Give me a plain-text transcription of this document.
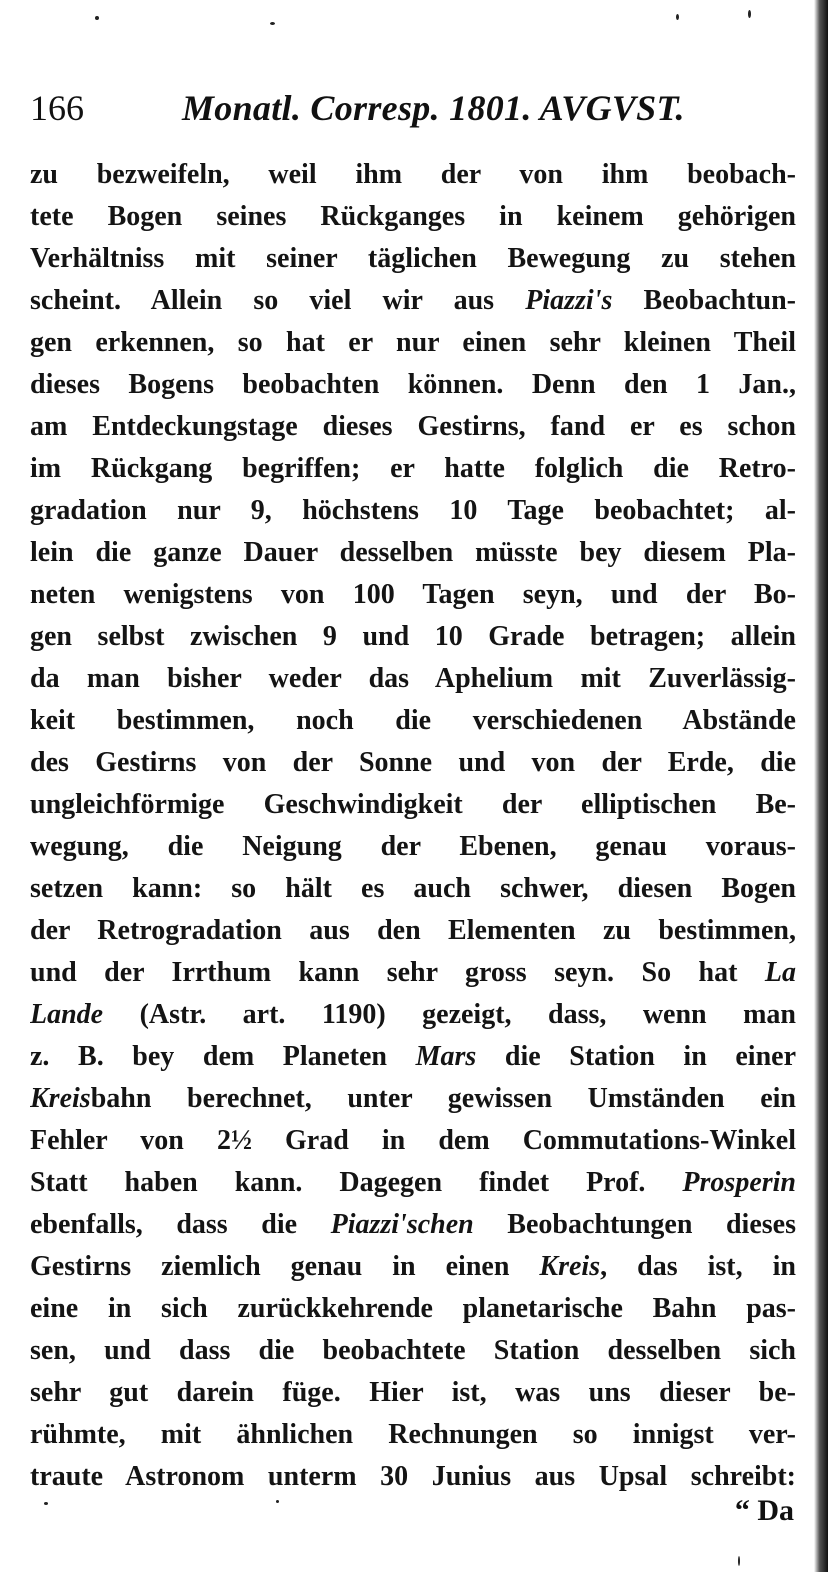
166	Monatl. Corresp. 1801. AVGVST.
zu bezweifeln, weil ihm der von ihm beobach-
tete Bogen seines Rückganges in keinem gehörigen
Verhältniss mit seiner täglichen Bewegung zu stehen
scheint. Allein so viel wir aus Piazzi's Beobachtun-
gen erkennen, so hat er nur einen sehr kleinen Theil
dieses Bogens beobachten können. Denn den 1 Jan.,
am Entdeckungstage dieses Gestirns, fand er es schon
im Rückgang begriffen; er hatte folglich die Retro-
gradation nur 9, höchstens 10 Tage beobachtet; al-
lein die ganze Dauer desselben müsste bey diesem Pla-
neten wenigstens von 100 Tagen seyn, und der Bo-
gen selbst zwischen 9 und 10 Grade betragen; allein
da man bisher weder das Aphelium mit Zuverlässig-
keit bestimmen, noch die verschiedenen Abstände
des Gestirns von der Sonne und von der Erde, die
ungleichförmige Geschwindigkeit der elliptischen Be-
wegung, die Neigung der Ebenen, genau voraus-
setzen kann: so hält es auch schwer, diesen Bogen
der Retrogradation aus den Elementen zu bestimmen,
und der Irrthum kann sehr gross seyn. So hat La
Lande (Astr. art. 1190) gezeigt, dass, wenn man
z. B. bey dem Planeten Mars die Station in einer
Kreisbahn berechnet, unter gewissen Umständen ein
Fehler von 2½ Grad in dem Commutations-Winkel
Statt haben kann. Dagegen findet Prof. Prosperin
ebenfalls, dass die Piazzi'schen Beobachtungen dieses
Gestirns ziemlich genau in einen Kreis, das ist, in
eine in sich zurückkehrende planetarische Bahn pas-
sen, und dass die beobachtete Station desselben sich
sehr gut darein füge. Hier ist, was uns dieser be-
rühmte, mit ähnlichen Rechnungen so innigst ver-
traute Astronom unterm 30 Junius aus Upsal schreibt:
“ Da
